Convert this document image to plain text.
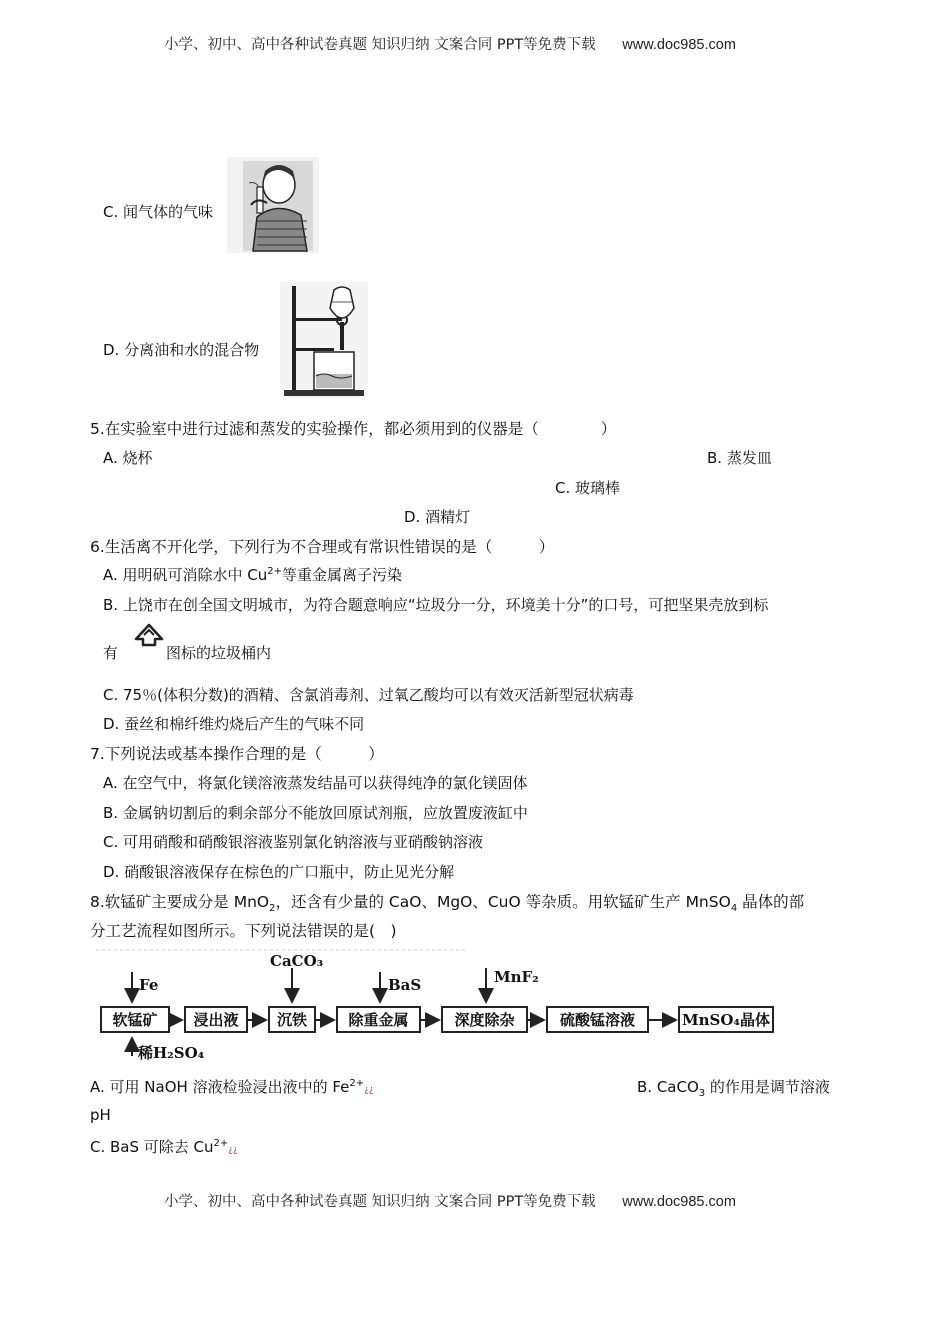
小学、初中、高中各种试卷真题 知识归纳 文案合同 PPT等免费下载 www.doc985.com
C. 闻气体的气味
D. 分离油和水的混合物
5.在实验室中进行过滤和蒸发的实验操作，都必须用到的仪器是（　　　　）
A. 烧杯	B. 蒸发皿
C. 玻璃棒
D. 酒精灯
6.生活离不开化学，下列行为不合理或有常识性错误的是（　　　）
A. 用明矾可消除水中 $Cu^{2+}$等重金属离子污染
B. 上饶市在创全国文明城市，为符合题意响应“垃圾分一分，环境美十分”的口号，可把坚果壳放到标
有	图标的垃圾桶内
C. 75％(体积分数)的酒精、含氯消毒剂、过氧乙酸均可以有效灭活新型冠状病毒
D. 蚕丝和棉纤维灼烧后产生的气味不同
7.下列说法或基本操作合理的是（　　　）
A. 在空气中，将氯化镁溶液蒸发结晶可以获得纯净的氯化镁固体
B. 金属钠切割后的剩余部分不能放回原试剂瓶，应放置废液缸中
C. 可用硝酸和硝酸银溶液鉴别氯化钠溶液与亚硝酸钠溶液
D. 硝酸银溶液保存在棕色的广口瓶中，防止见光分解
8.软锰矿主要成分是 MnO$_2$，还含有少量的 CaO、MgO、CuO 等杂质。用软锰矿生产 MnSO$_4$ 晶体的部
分工艺流程如图所示。下列说法错误的是(　)
软锰矿	浸出液	沉铁	除重金属	深度除杂	硫酸锰溶液	MnSO₄晶体
Fe
CaCO₃
BaS	MnF₂
稀H₂SO₄
A. 可用 NaOH 溶液检验浸出液中的 $Fe^{2+}¿¿$	B. CaCO$_3$ 的作用是调节溶液
pH
C. BaS 可除去 $Cu^{2+}¿¿$
小学、初中、高中各种试卷真题 知识归纳 文案合同 PPT等免费下载 www.doc985.com
